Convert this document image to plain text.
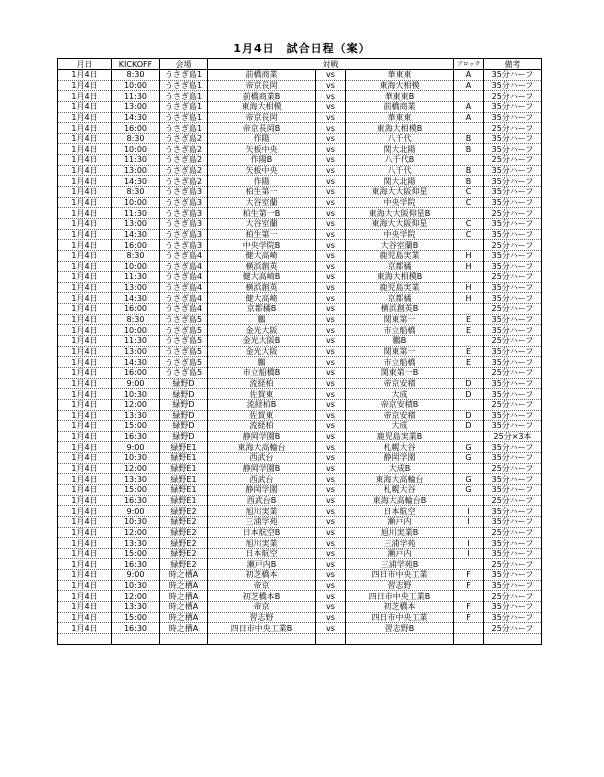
1月4日　試合日程（案）
月日	KICKOFF	会場	対戦			ブロック	備考
1月4日	8:30	うさぎ島1	前橋商業	vs	華東東	A	35分ハーフ
1月4日	10:00	うさぎ島1	帝京長岡	vs	東海大相模	A	35分ハーフ
1月4日	11:30	うさぎ島1	前橋商業B	vs	華東東B		25分ハーフ
1月4日	13:00	うさぎ島1	東海大相模	vs	前橋商業	A	35分ハーフ
1月4日	14:30	うさぎ島1	帝京長岡	vs	華東東	A	35分ハーフ
1月4日	16:00	うさぎ島1	帝京長岡B	vs	東海大相模B		25分ハーフ
1月4日	8:30	うさぎ島2	作陽	vs	八千代	B	35分ハーフ
1月4日	10:00	うさぎ島2	矢板中央	vs	関大北陽	B	35分ハーフ
1月4日	11:30	うさぎ島2	作陽B	vs	八千代B		25分ハーフ
1月4日	13:00	うさぎ島2	矢板中央	vs	八千代	B	35分ハーフ
1月4日	14:30	うさぎ島2	作陽	vs	関大北陽	B	35分ハーフ
1月4日	8:30	うさぎ島3	柏生第一	vs	東海大大阪仰星	C	35分ハーフ
1月4日	10:00	うさぎ島3	大谷室蘭	vs	中央学院	C	35分ハーフ
1月4日	11:30	うさぎ島3	柏生第一B	vs	東海大大阪仰星B		25分ハーフ
1月4日	13:00	うさぎ島3	大谷室蘭	vs	東海大大阪仰星	C	35分ハーフ
1月4日	14:30	うさぎ島3	柏生第一	vs	中央学院	C	35分ハーフ
1月4日	16:00	うさぎ島3	中央学院B	vs	大谷室蘭B		25分ハーフ
1月4日	8:30	うさぎ島4	健大高崎	vs	鹿児島実業	H	35分ハーフ
1月4日	10:00	うさぎ島4	横浜創英	vs	京都橘	H	35分ハーフ
1月4日	11:30	うさぎ島4	健大高崎B	vs	東海大相模B		25分ハーフ
1月4日	13:00	うさぎ島4	横浜創英	vs	鹿児島実業	H	35分ハーフ
1月4日	14:30	うさぎ島4	健大高崎	vs	京都橘	H	35分ハーフ
1月4日	16:00	うさぎ島4	京都橘B	vs	横浜創英B		25分ハーフ
1月4日	8:30	うさぎ島5	鵬	vs	関東第一	E	35分ハーフ
1月4日	10:00	うさぎ島5	金光大阪	vs	市立船橋	E	35分ハーフ
1月4日	11:30	うさぎ島5	金光大阪B	vs	鵬B		25分ハーフ
1月4日	13:00	うさぎ島5	金光大阪	vs	関東第一	E	35分ハーフ
1月4日	14:30	うさぎ島5	鵬	vs	市立船橋	E	35分ハーフ
1月4日	16:00	うさぎ島5	市立船橋B	vs	関東第一B		25分ハーフ
1月4日	9:00	緑野D	流経柏	vs	帝京安積	D	35分ハーフ
1月4日	10:30	緑野D	佐賀東	vs	大成	D	35分ハーフ
1月4日	12:00	緑野D	流経柏B	vs	帝京安積B		25分ハーフ
1月4日	13:30	緑野D	佐賀東	vs	帝京安積	D	35分ハーフ
1月4日	15:00	緑野D	流経柏	vs	大成	D	35分ハーフ
1月4日	16:30	緑野D	静岡学園B	vs	鹿児島実業B		25分×3本
1月4日	9:00	緑野E1	東海大高輪台	vs	札幌大谷	G	35分ハーフ
1月4日	10:30	緑野E1	西武台	vs	静岡学園	G	35分ハーフ
1月4日	12:00	緑野E1	静岡学園B	vs	大成B		25分ハーフ
1月4日	13:30	緑野E1	西武台	vs	東海大高輪台	G	35分ハーフ
1月4日	15:00	緑野E1	静岡学園	vs	札幌大谷	G	35分ハーフ
1月4日	16:30	緑野E1	西武台B	vs	東海大高輪台B		25分ハーフ
1月4日	9:00	緑野E2	旭川実業	vs	日本航空	I	35分ハーフ
1月4日	10:30	緑野E2	三浦学苑	vs	瀬戸内	I	35分ハーフ
1月4日	12:00	緑野E2	日本航空B	vs	旭川実業B		25分ハーフ
1月4日	13:30	緑野E2	旭川実業	vs	三浦学苑	I	35分ハーフ
1月4日	15:00	緑野E2	日本航空	vs	瀬戸内	I	35分ハーフ
1月4日	16:30	緑野E2	瀬戸内B	vs	三浦学苑B		25分ハーフ
1月4日	9:00	時之栖A	初芝橋本	vs	四日市中央工業	F	35分ハーフ
1月4日	10:30	時之栖A	帝京	vs	習志野	F	35分ハーフ
1月4日	12:00	時之栖A	初芝橋本B	vs	四日市中央工業B		25分ハーフ
1月4日	13:30	時之栖A	帝京	vs	初芝橋本	F	35分ハーフ
1月4日	15:00	時之栖A	習志野	vs	四日市中央工業	F	35分ハーフ
1月4日	16:30	時之栖A	四日市中央工業B	vs	習志野B		25分ハーフ
